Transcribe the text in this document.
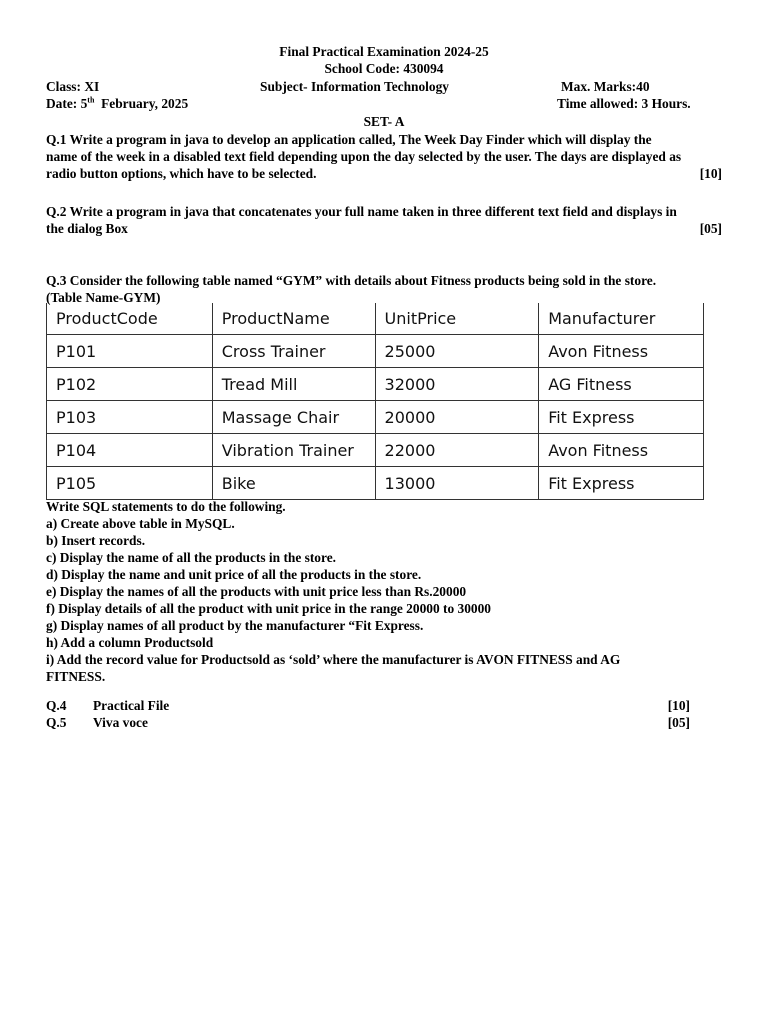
Final Practical Examination 2024-25
School Code: 430094
Class: XI	Subject- Information Technology	Max. Marks:40
Date: 5th  February, 2025	Time allowed: 3 Hours.
SET- A
Q.1 Write a program in java to develop an application called, The Week Day Finder which will display the
name of the week in a disabled text field depending upon the day selected by the user. The days are displayed as
radio button options, which have to be selected.	[10]
Q.2 Write a program in java that concatenates your full name taken in three different text field and displays in
the dialog Box	[05]
Q.3 Consider the following table named “GYM” with details about Fitness products being sold in the store.
(Table Name-GYM)
ProductCode	ProductName	UnitPrice	Manufacturer
P101	Cross Trainer	25000	Avon Fitness
P102	Tread Mill	32000	AG Fitness
P103	Massage Chair	20000	Fit Express
P104	Vibration Trainer	22000	Avon Fitness
P105	Bike	13000	Fit Express
Write SQL statements to do the following.
a) Create above table in MySQL.
b) Insert records.
c) Display the name of all the products in the store.
d) Display the name and unit price of all the products in the store.
e) Display the names of all the products with unit price less than Rs.20000
f) Display details of all the product with unit price in the range 20000 to 30000
g) Display names of all product by the manufacturer “Fit Express.
h) Add a column Productsold
i) Add the record value for Productsold as ‘sold’ where the manufacturer is AVON FITNESS and AG
FITNESS.
Q.4 Practical File	[10]
Q.5 Viva voce	[05]
